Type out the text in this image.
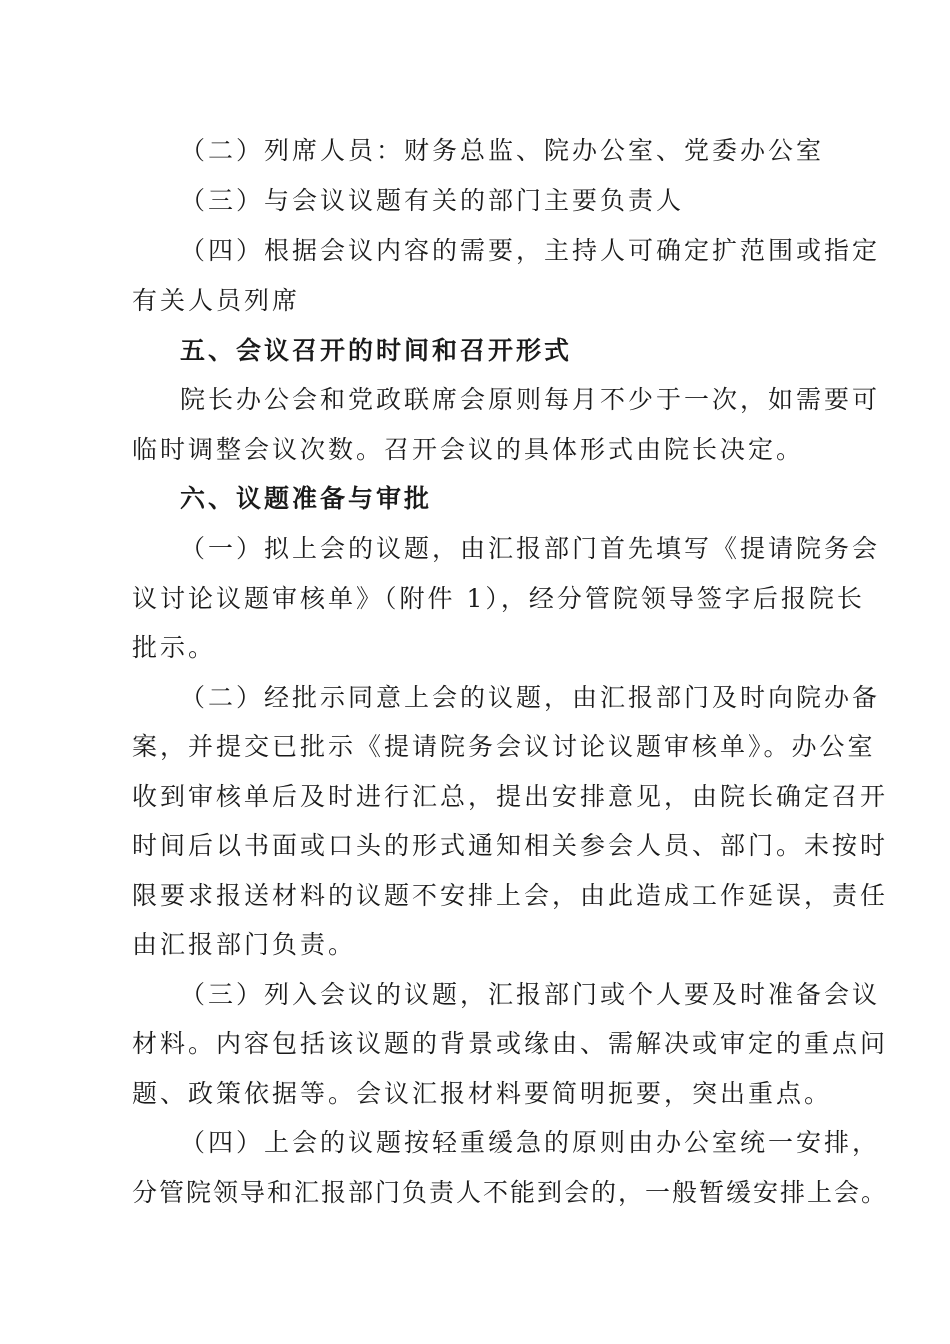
（二）列席人员：财务总监、院办公室、党委办公室
（三）与会议议题有关的部门主要负责人
（四）根据会议内容的需要，主持人可确定扩范围或指定
有关人员列席
五、会议召开的时间和召开形式
院长办公会和党政联席会原则每月不少于一次，如需要可
临时调整会议次数。召开会议的具体形式由院长决定。
六、议题准备与审批
（一）拟上会的议题，由汇报部门首先填写《提请院务会
议讨论议题审核单》（附件 1），经分管院领导签字后报院长
批示。
（二）经批示同意上会的议题，由汇报部门及时向院办备
案，并提交已批示《提请院务会议讨论议题审核单》。办公室
收到审核单后及时进行汇总，提出安排意见，由院长确定召开
时间后以书面或口头的形式通知相关参会人员、部门。未按时
限要求报送材料的议题不安排上会，由此造成工作延误，责任
由汇报部门负责。
（三）列入会议的议题，汇报部门或个人要及时准备会议
材料。内容包括该议题的背景或缘由、需解决或审定的重点问
题、政策依据等。会议汇报材料要简明扼要，突出重点。
（四）上会的议题按轻重缓急的原则由办公室统一安排，
分管院领导和汇报部门负责人不能到会的，一般暂缓安排上会。
